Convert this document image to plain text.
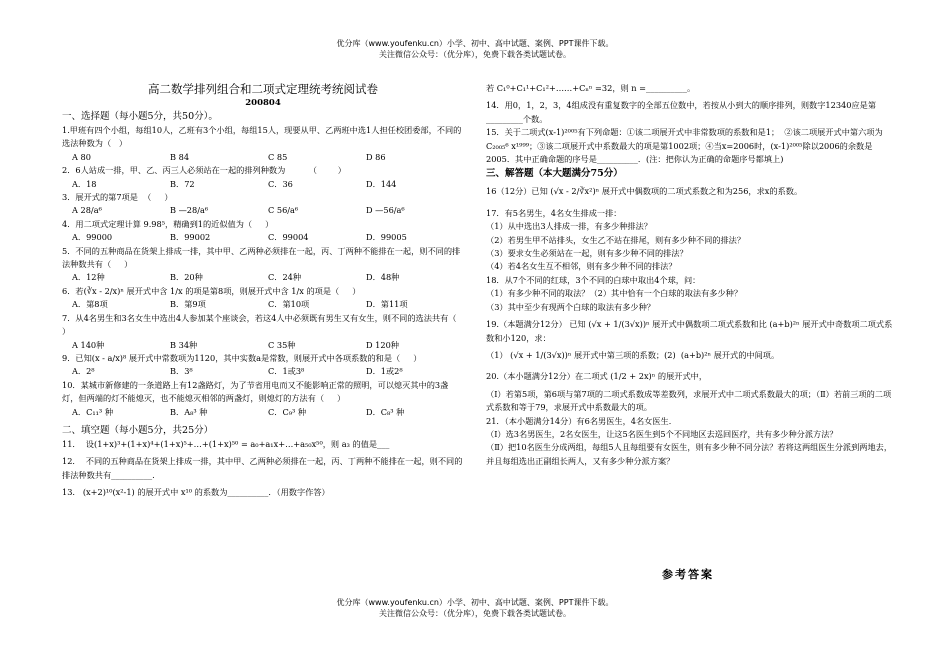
优分库（www.youfenku.cn）小学、初中、高中试题、案例、PPT课件下载。
关注微信公众号：（优分库），免费下载各类试题试卷。
高二数学排列组合和二项式定理统考统阅试卷
200804
一、选择题（每小题5分，共50分）。
1.甲班有四个小组，每组10人，乙班有3个小组，每组15人，现要从甲、乙两班中选1人担任校团委部，不同的选法种数为（   ）
A 80	B 84	C 85	D 86
2．6人站成一排，甲、乙、丙三人必须站在一起的排列种数为         （        ）
A．18	B．72	C．36	D．144
3．展开式的第7项是  （     ）
A 28/a⁶	B —28/a⁶	C 56/a⁶	D —56/a⁶
4．用二项式定理计算 9.98⁵，精确到1的近似值为（     ）
A．99000	B．99002	C．99004	D．99005
5．不同的五种商品在货架上排成一排，其中甲、乙两种必须排在一起，丙、丁两种不能排在一起，则不同的排法种数共有（     ）
A．12种	B．20种	C．24种	D．48种
6．若(∛x - 2/x)ⁿ 展开式中含 1/x 的项是第8项，则展开式中含 1/x 的项是（     ）
A．第8项	B．第9项	C．第10项	D．第11项
7．从4名男生和3名女生中选出4人参加某个座谈会，若这4人中必须既有男生又有女生，则不同的选法共有（     ）
A 140种	B 34种	C 35种	D 120种
9．已知(x - a/x)⁸ 展开式中常数项为1120，其中实数a是常数，则展开式中各项系数的和是（     ）
A．2⁸	B．3⁸	C．1或3⁸	D．1或2⁸
10．某城市新修建的一条道路上有12盏路灯，为了节省用电而又不能影响正常的照明，可以熄灭其中的3盏灯，但两端的灯不能熄灭，也不能熄灭相邻的两盏灯，则熄灯的方法有（     ）
A．C₁₁³ 种	B．A₈³ 种	C．C₉³ 种	D．C₈³ 种
二、填空题（每小题5分，共25分）
11．  设(1+x)³+(1+x)⁴+(1+x)⁵+…+(1+x)⁵⁰ = a₀+a₁x+…+a₅₀x⁵⁰，则 a₃ 的值是___
12．  不同的五种商品在货架上排成一排，其中甲、乙两种必须排在一起，丙、丁两种不能排在一起，则不同的排法种数共有__________.
13.   (x+2)¹⁰(x²-1) 的展开式中 x¹⁰ 的系数为__________．（用数字作答）
若 C₁⁰+C₁¹+C₁²+……+Cₙⁿ =32，则 n =__________。
14．用0，1，2，3，4组成没有重复数字的全部五位数中，若按从小到大的顺序排列，则数字12340应是第_________个数。
15．关于二项式(x-1)²⁰⁰⁵有下列命题：①该二项展开式中非常数项的系数和是1；  ②该二项展开式中第六项为C₂₀₀₅⁶ x¹⁹⁹⁹；③该二项展开式中系数最大的项是第1002项；④当x=2006时，(x-1)²⁰⁰⁵除以2006的余数是2005．其中正确命题的序号是__________．(注：把你认为正确的命题序号都填上)
三、解答题（本大题满分75分）
16（12分）已知 (√x - 2/∛x²)ⁿ 展开式中偶数项的二项式系数之和为256，求x的系数。
17．有5名男生，4名女生排成一排：
（1）从中选出3人排成一排，有多少种排法？
（2）若男生甲不站排头，女生乙不站在排尾，则有多少种不同的排法？
（3）要求女生必须站在一起，则有多少种不同的排法？
（4）若4名女生互不相邻，则有多少种不同的排法？
18．从7个不同的红球，3个不同的白球中取出4个球，问：
（1）有多少种不同的取法？（2）其中恰有一个白球的取法有多少种？
（3）其中至少有现两个白球的取法有多少种？
19.（本题满分12分） 已知 (√x + 1/(3√x))ⁿ 展开式中偶数项二项式系数和比 (a+b)²ⁿ 展开式中奇数项二项式系数和小120，求：
（1） (√x + 1/(3√x))ⁿ 展开式中第三项的系数；(2)  (a+b)²ⁿ 展开式的中间项。
20.（本小题满分12分）在二项式 (1/2 + 2x)ⁿ 的展开式中，
（Ⅰ）若第5项，第6项与第7项的二项式系数成等差数列，求展开式中二项式系数最大的项；（Ⅱ）若前三项的二项式系数和等于79，求展开式中系数最大的项。
21．（本小题满分14分）有6名男医生，4名女医生．
（Ⅰ）选3名男医生，2名女医生，让这5名医生到5个不同地区去巡回医疗，共有多少种分派方法？
（Ⅱ）把10名医生分成两组，每组5人且每组要有女医生，则有多少种不同分法？若将这两组医生分派到两地去，并且每组选出正副组长两人，又有多少种分派方案？
参考答案
优分库（www.youfenku.cn）小学、初中、高中试题、案例、PPT课件下载。
关注微信公众号：（优分库），免费下载各类试题试卷。
